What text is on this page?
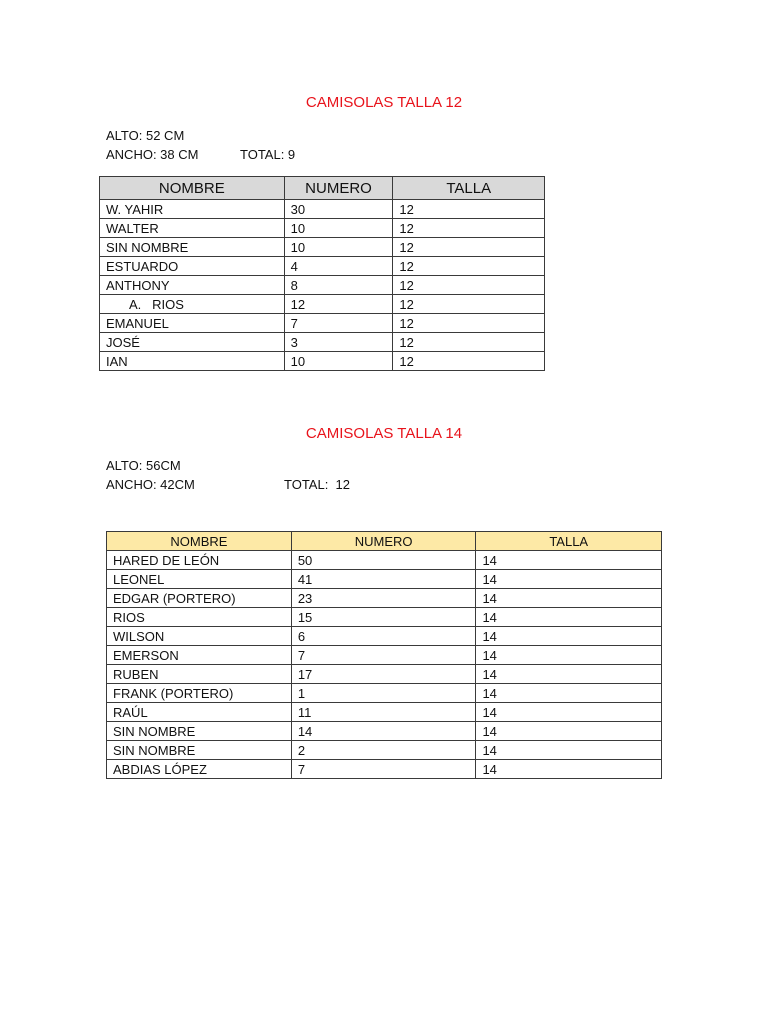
CAMISOLAS TALLA 12
ALTO: 52 CM
ANCHO: 38 CM	TOTAL: 9
NOMBRE	NUMERO	TALLA
W. YAHIR	30	12
WALTER	10	12
SIN NOMBRE	10	12
ESTUARDO	4	12
ANTHONY	8	12
A.   RIOS	12	12
EMANUEL	7	12
JOSÉ	3	12
IAN	10	12
CAMISOLAS TALLA 14
ALTO: 56CM
ANCHO: 42CM	TOTAL:  12
NOMBRE	NUMERO	TALLA
HARED DE LEÓN	50	14
LEONEL	41	14
EDGAR (PORTERO)	23	14
RIOS	15	14
WILSON	6	14
EMERSON	7	14
RUBEN	17	14
FRANK (PORTERO)	1	14
RAÚL	11	14
SIN NOMBRE	14	14
SIN NOMBRE	2	14
ABDIAS LÓPEZ	7	14
